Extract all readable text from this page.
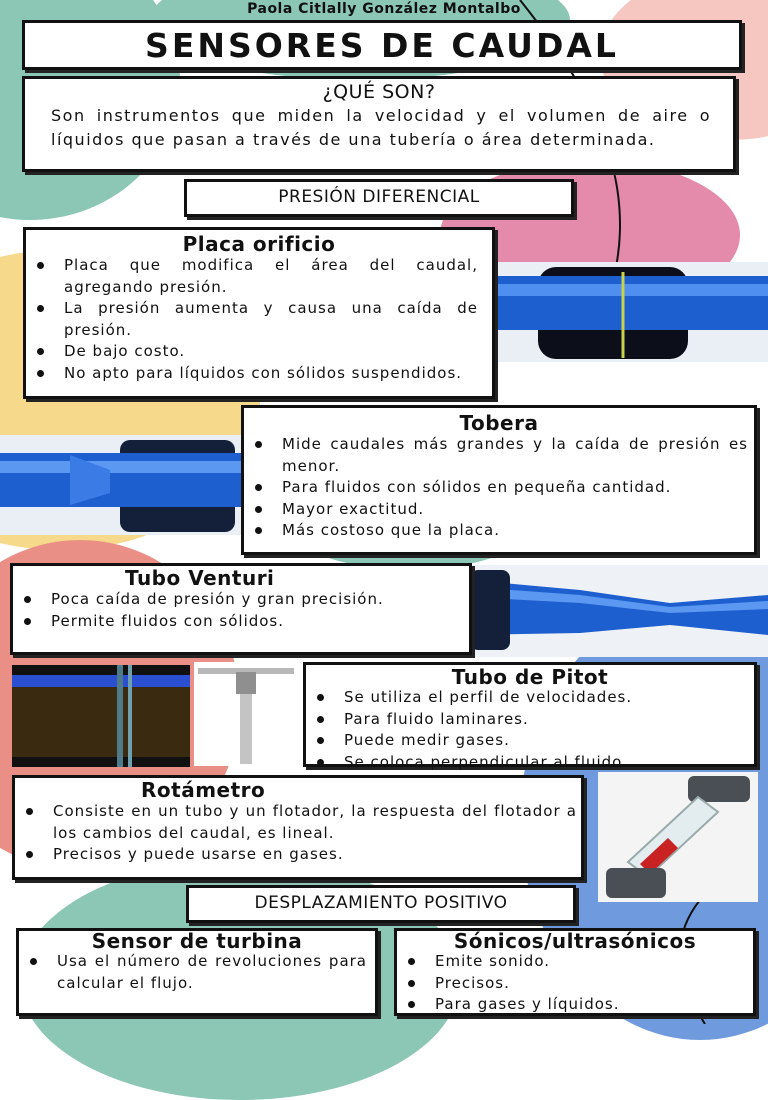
Paola Citlally González Montalbo
SENSORES DE CAUDAL
¿QUÉ SON?
Son instrumentos que miden la velocidad y el volumen de aire o líquidos que pasan a través de una tubería o área determinada.
PRESIÓN DIFERENCIAL
Placa orificio
Placa que modifica el área del caudal, agregando presión.
La presión aumenta y causa una caída de presión.
De bajo costo.
No apto para líquidos con sólidos suspendidos.
Tobera
Mide caudales más grandes y la caída de presión es menor.
Para fluidos con sólidos en pequeña cantidad.
Mayor exactitud.
Más costoso que la placa.
Tubo Venturi
Poca caída de presión y gran precisión.
Permite fluidos con sólidos.
Tubo de Pitot
Se utiliza el perfil de velocidades.
Para fluido laminares.
Puede medir gases.
Se coloca perpendicular al fluido.
Rotámetro
Consiste en un tubo y un flotador, la respuesta del flotador a los cambios del caudal, es lineal.
Precisos y puede usarse en gases.
DESPLAZAMIENTO POSITIVO
Sensor de turbina
Usa el número de revoluciones para calcular el flujo.
Sónicos/ultrasónicos
Emite sonido.
Precisos.
Para gases y líquidos.
